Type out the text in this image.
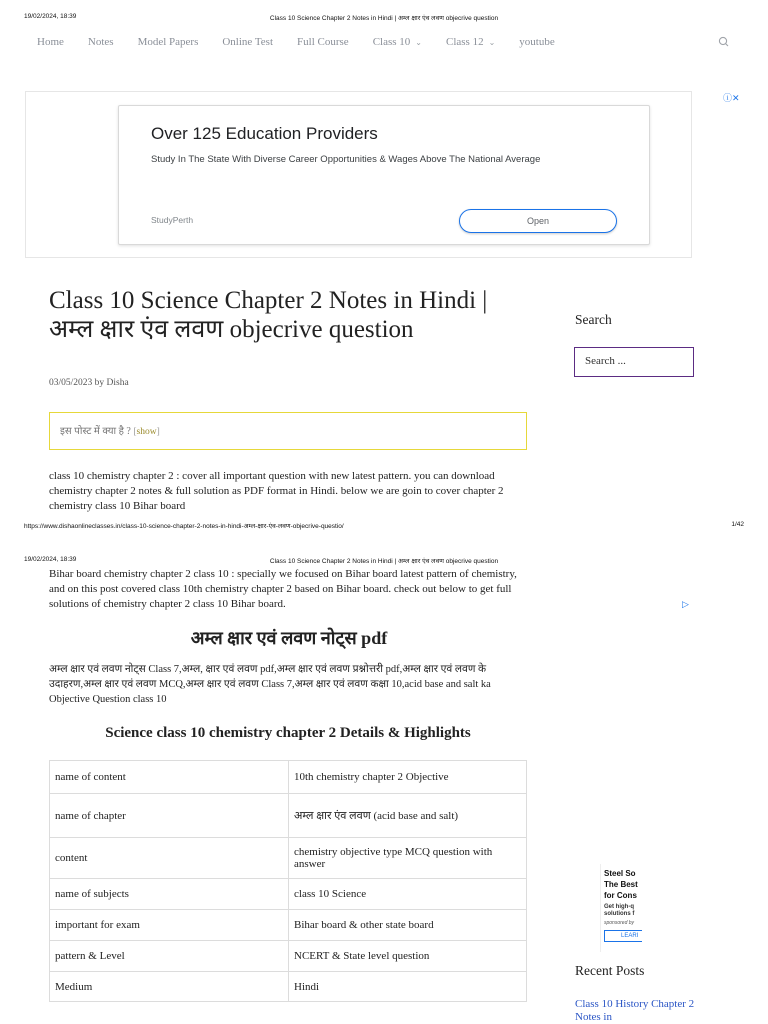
19/02/2024, 18:39	Class 10 Science Chapter 2 Notes in Hindi | अम्ल क्षार एंव लवण objecrive question
Home Notes Model Papers Online Test Full Course Class 10 ⌄ Class 12 ⌄ youtube
ⓘ✕
Over 125 Education Providers
Study In The State With Diverse Career Opportunities & Wages Above The National Average
StudyPerth	Open
Class 10 Science Chapter 2 Notes in Hindi | अम्ल क्षार एंव लवण objecrive question
03/05/2023 by Disha
इस पोस्ट में क्या है ? [show]
class 10 chemistry chapter 2 : cover all important question with new latest pattern. you can download chemistry chapter 2 notes & full solution as PDF format in Hindi. below we are goin to cover chapter 2 chemistry class 10 Bihar board
Search
Search ...
https://www.dishaonlineclasses.in/class-10-science-chapter-2-notes-in-hindi-अम्ल-क्षार-एंव-लवण-objecrive-questio/	1/42
19/02/2024, 18:39	Class 10 Science Chapter 2 Notes in Hindi | अम्ल क्षार एंव लवण objecrive question
Bihar board chemistry chapter 2 class 10 : specially we focused on Bihar board latest pattern of chemistry, and on this post covered class 10th chemistry chapter 2 based on Bihar board. check out below to get full solutions of chemistry chapter 2 class 10 Bihar board.
अम्ल क्षार एवं लवण नोट्स pdf
अम्ल क्षार एवं लवण नोट्स Class 7,अम्ल, क्षार एवं लवण pdf,अम्ल क्षार एवं लवण प्रश्नोत्तरी pdf,अम्ल क्षार एवं लवण के उदाहरण,अम्ल क्षार एवं लवण MCQ,अम्ल क्षार एवं लवण Class 7,अम्ल क्षार एवं लवण कक्षा 10,acid base and salt ka Objective Question class 10
Science class 10 chemistry chapter 2 Details & Highlights
name of content	10th chemistry chapter 2 Objective
name of chapter	अम्ल क्षार एंव लवण (acid base and salt)
content	chemistry objective type MCQ question with answer
name of subjects	class 10 Science
important for exam	Bihar board & other state board
pattern & Level	NCERT & State level question
Medium	Hindi
▷
Steel So
The Best
for Cons
Get high-q
solutions f
sponsored by
LEARI
Recent Posts
Class 10 History Chapter 2 Notes in
